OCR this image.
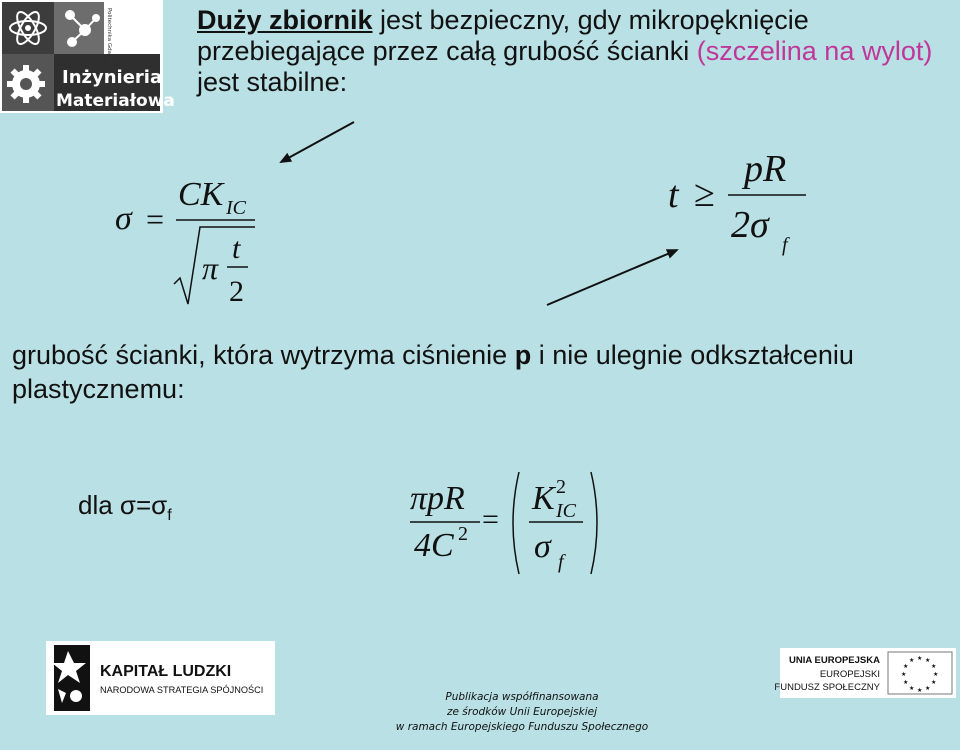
Politechnika Gdańska
Inżynieria
Materiałowa
Duży zbiornik jest bezpieczny, gdy mikropęknięcie przebiegające przez całą grubość ścianki (szczelina na wylot) jest stabilne:
σ =
CK IC
π
t
2
t ≥
pR
2σ f
grubość ścianki, która wytrzyma ciśnienie p i nie ulegnie odkształceniu plastycznemu:
dla $\sigma=\sigma_f$	πpR
4C 2 =
K 2
IC
σ f
KAPITAŁ LUDZKI
NARODOWA STRATEGIA SPÓJNOŚCI
UNIA EUROPEJSKA
EUROPEJSKI
FUNDUSZ SPOŁECZNY
★ ★
★
★
★
★
★
★
★
★
★
★
Publikacja współfinansowana
ze środków Unii Europejskiej
w ramach Europejskiego Funduszu Społecznego
